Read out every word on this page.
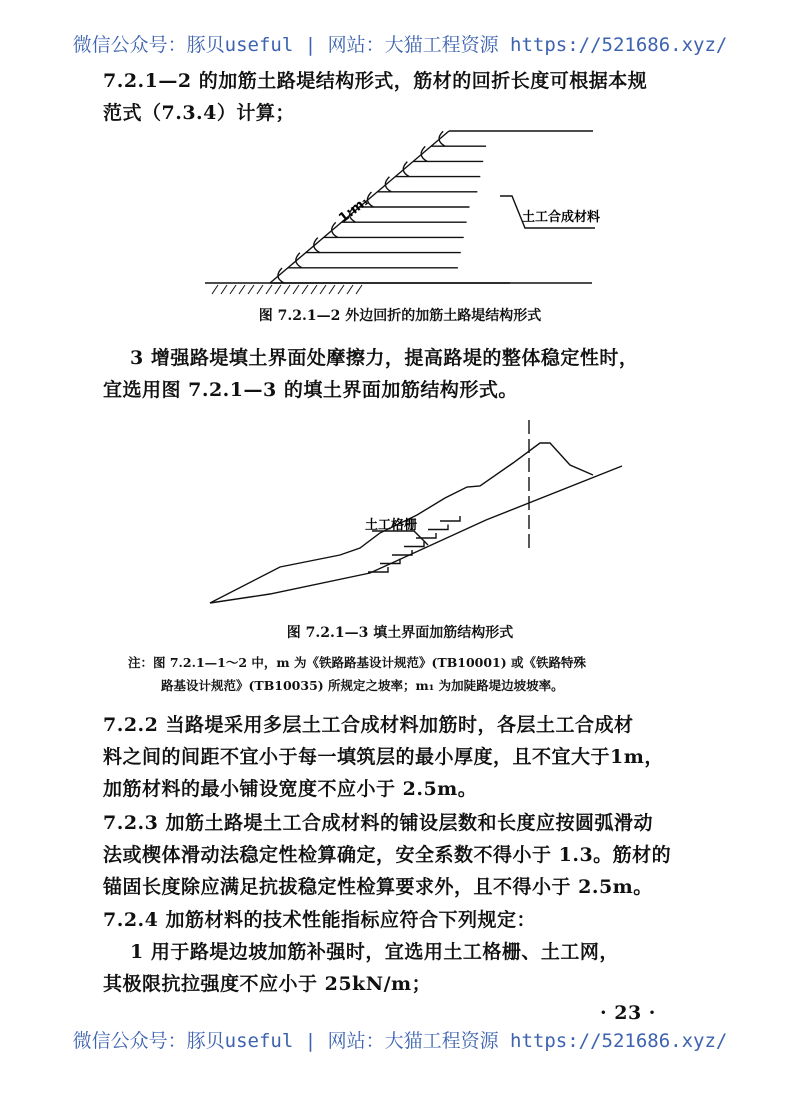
微信公众号：豚贝useful | 网站：大猫工程资源 https://521686.xyz/
7.2.1—2 的加筋土路堤结构形式，筋材的回折长度可根据本规
范式（7.3.4）计算；
1:m₁	土工合成材料
土工格栅
图 7.2.1—2 外边回折的加筋土路堤结构形式
3 增强路堤填土界面处摩擦力，提高路堤的整体稳定性时，
宜选用图 7.2.1—3 的填土界面加筋结构形式。
图 7.2.1—3 填土界面加筋结构形式
注：图 7.2.1—1～2 中，m 为《铁路路基设计规范》(TB10001) 或《铁路特殊
路基设计规范》(TB10035) 所规定之坡率；m₁ 为加陡路堤边坡坡率。
7.2.2 当路堤采用多层土工合成材料加筋时，各层土工合成材
料之间的间距不宜小于每一填筑层的最小厚度，且不宜大于1m，
加筋材料的最小铺设宽度不应小于 2.5m。
7.2.3 加筋土路堤土工合成材料的铺设层数和长度应按圆弧滑动
法或楔体滑动法稳定性检算确定，安全系数不得小于 1.3。筋材的
锚固长度除应满足抗拔稳定性检算要求外，且不得小于 2.5m。
7.2.4 加筋材料的技术性能指标应符合下列规定：
1 用于路堤边坡加筋补强时，宜选用土工格栅、土工网，
其极限抗拉强度不应小于 25kN/m；
· 23 ·
微信公众号：豚贝useful | 网站：大猫工程资源 https://521686.xyz/
